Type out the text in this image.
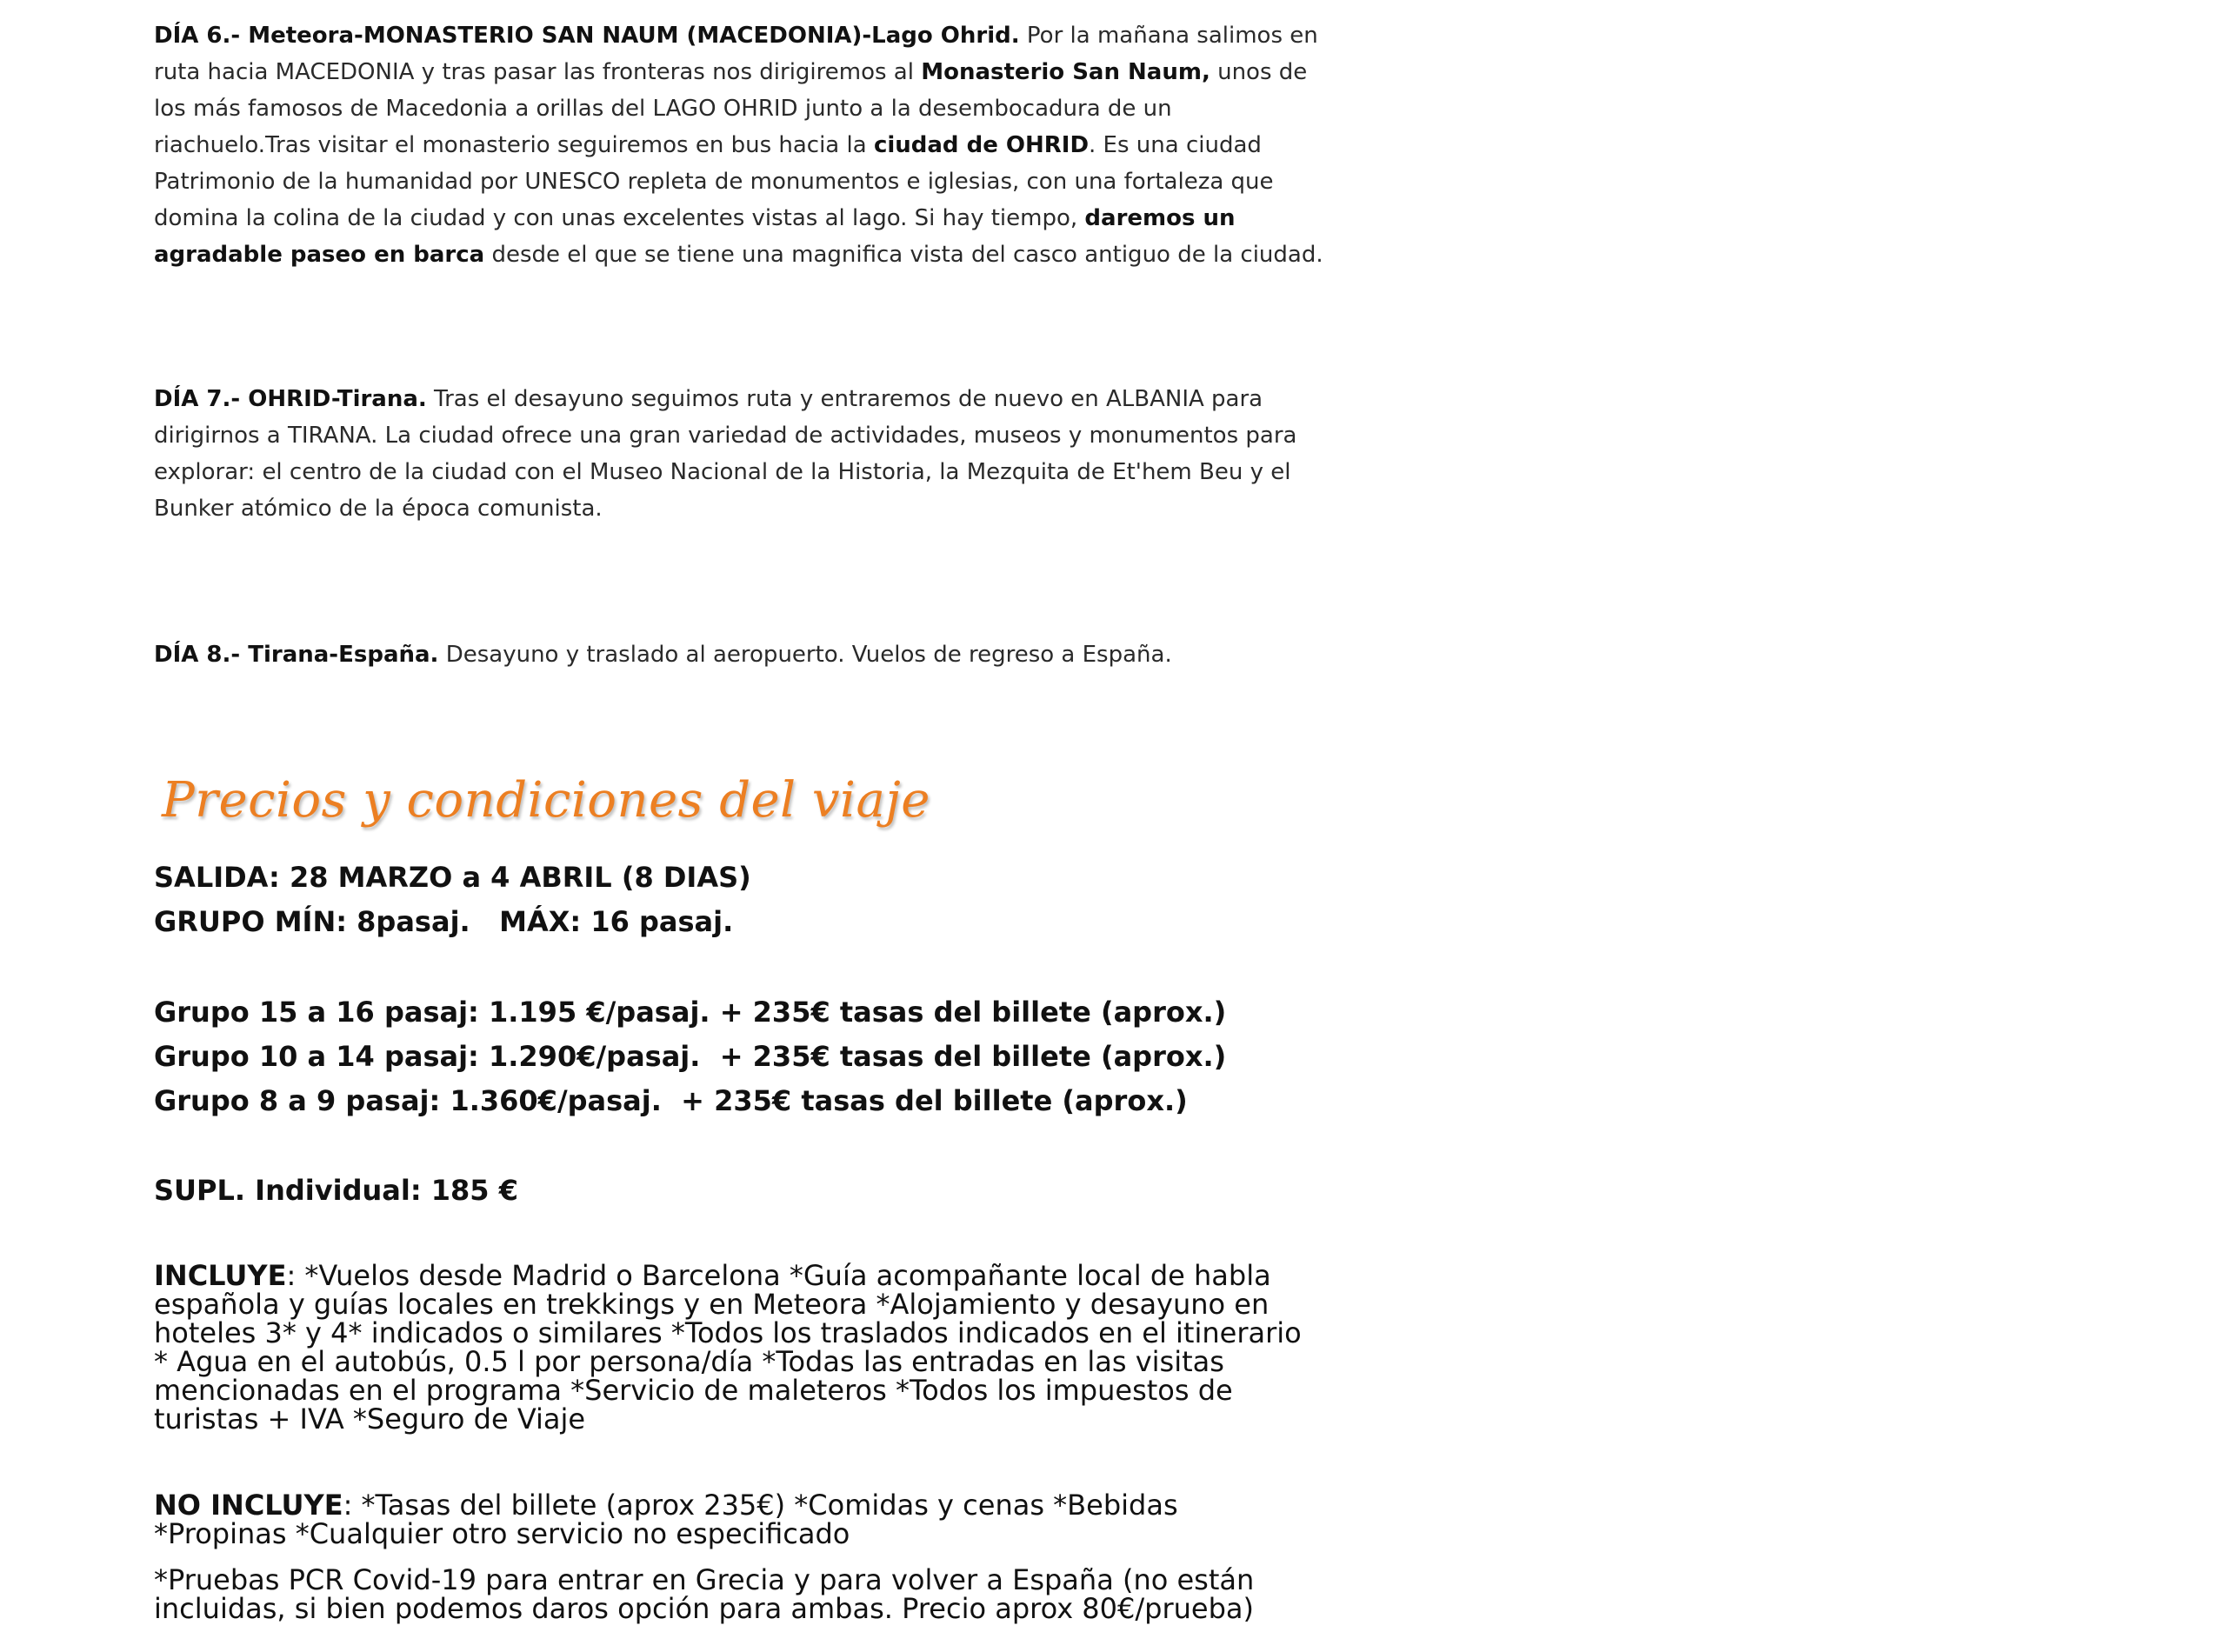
DÍA 6.- Meteora-MONASTERIO SAN NAUM (MACEDONIA)-Lago Ohrid. Por la mañana salimos en ruta hacia MACEDONIA y tras pasar las fronteras nos dirigiremos al Monasterio San Naum, unos de los más famosos de Macedonia a orillas del LAGO OHRID junto a la desembocadura de un riachuelo.Tras visitar el monasterio seguiremos en bus hacia la ciudad de OHRID. Es una ciudad Patrimonio de la humanidad por UNESCO repleta de monumentos e iglesias, con una fortaleza que domina la colina de la ciudad y con unas excelentes vistas al lago. Si hay tiempo, daremos un agradable paseo en barca desde el que se tiene una magnifica vista del casco antiguo de la ciudad.

DÍA 7.- OHRID-Tirana. Tras el desayuno seguimos ruta y entraremos de nuevo en ALBANIA para dirigirnos a TIRANA. La ciudad ofrece una gran variedad de actividades, museos y monumentos para explorar: el centro de la ciudad con el Museo Nacional de la Historia, la Mezquita de Et'hem Beu y el Bunker atómico de la época comunista.

DÍA 8.- Tirana-España. Desayuno y traslado al aeropuerto. Vuelos de regreso a España.

Precios y condiciones del viaje
SALIDA: 28 MARZO a 4 ABRIL (8 DIAS)
GRUPO MÍN: 8pasaj.   MÁX: 16 pasaj.
Grupo 15 a 16 pasaj: 1.195 €/pasaj. + 235€ tasas del billete (aprox.)
Grupo 10 a 14 pasaj: 1.290€/pasaj.  + 235€ tasas del billete (aprox.)
Grupo 8 a 9 pasaj: 1.360€/pasaj.  + 235€ tasas del billete (aprox.)
SUPL. Individual: 185 €

INCLUYE: *Vuelos desde Madrid o Barcelona *Guía acompañante local de habla española y guías locales en trekkings y en Meteora *Alojamiento y desayuno en hoteles 3* y 4* indicados o similares *Todos los traslados indicados en el itinerario * Agua en el autobús, 0.5 l por persona/día *Todas las entradas en las visitas mencionadas en el programa *Servicio de maleteros *Todos los impuestos de turistas + IVA *Seguro de Viaje

NO INCLUYE: *Tasas del billete (aprox 235€) *Comidas y cenas *Bebidas *Propinas *Cualquier otro servicio no especificado

*Pruebas PCR Covid-19 para entrar en Grecia y para volver a España (no están incluidas, si bien podemos daros opción para ambas. Precio aprox 80€/prueba)
